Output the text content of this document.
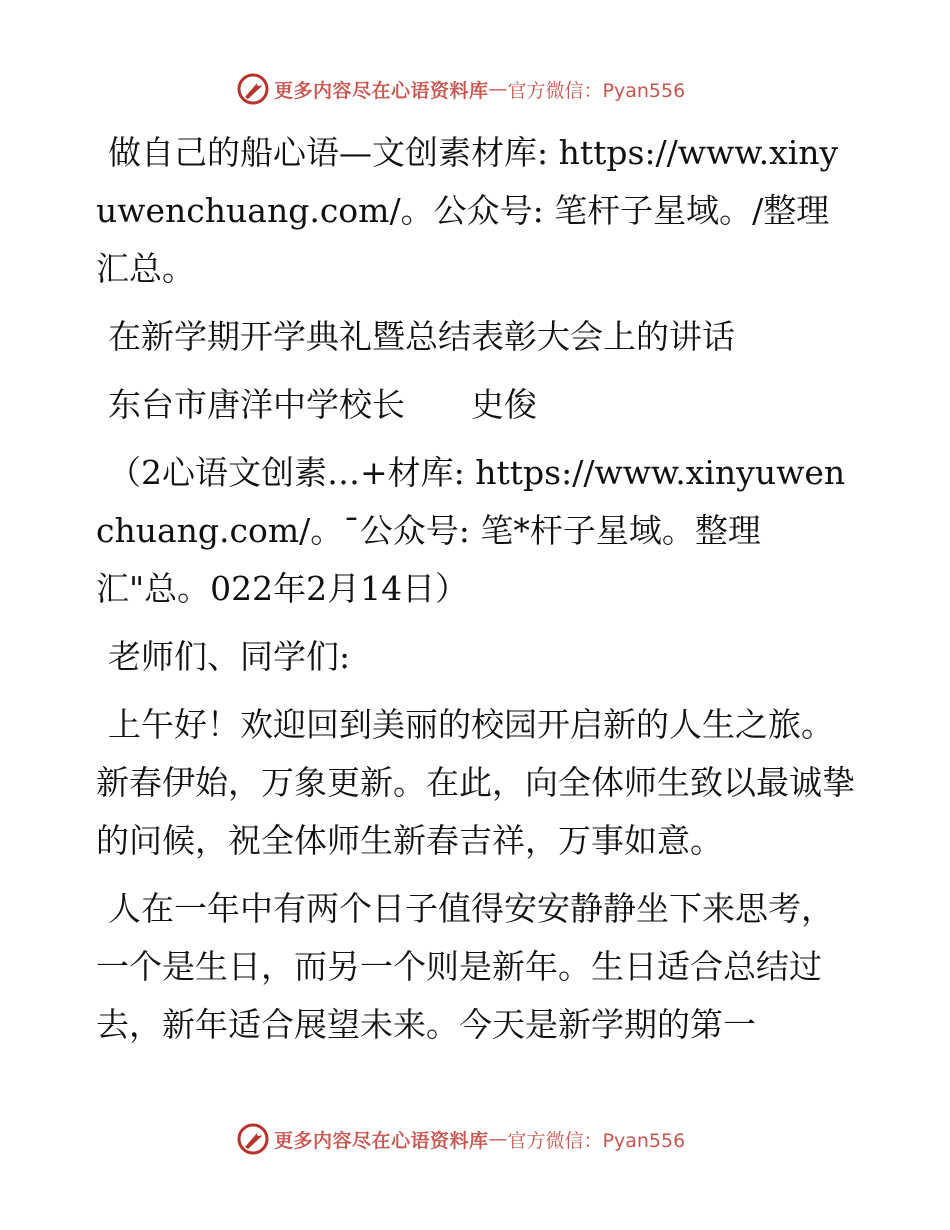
更多内容尽在心语资料库 — 官方微信：Pyan556

做自己的船心语—文创素材库: https://www.xinyuwenchuang.com/。公众号: 笔杆子星域。/整理汇总。

在新学期开学典礼暨总结表彰大会上的讲话

东台市唐洋中学校长　　史俊

（2心语文创素…+材库: https://www.xinyuwenchuang.com/。¯公众号: 笔*杆子星域。整理汇"总。022年2月14日）

老师们、同学们:

上午好！欢迎回到美丽的校园开启新的人生之旅。新春伊始，万象更新。在此，向全体师生致以最诚挚的问候，祝全体师生新春吉祥，万事如意。

人在一年中有两个日子值得安安静静坐下来思考，一个是生日，而另一个则是新年。生日适合总结过去，新年适合展望未来。今天是新学期的第一

更多内容尽在心语资料库 — 官方微信：Pyan556
